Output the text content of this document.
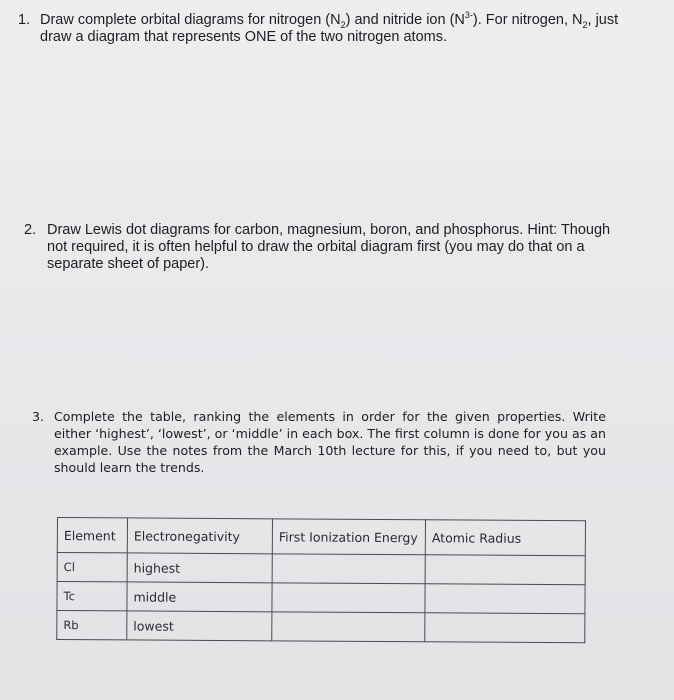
1. Draw complete orbital diagrams for nitrogen $(N_2)$ and nitride ion $(N^{3-})$. For nitrogen, $N_2$, just draw a diagram that represents ONE of the two nitrogen atoms.
2. Draw Lewis dot diagrams for carbon, magnesium, boron, and phosphorus. Hint: Though not required, it is often helpful to draw the orbital diagram first (you may do that on a separate sheet of paper).
3. Complete the table, ranking the elements in order for the given properties. Write either ‘highest’, ‘lowest’, or ‘middle’ in each box. The first column is done for you as an example. Use the notes from the March 10th lecture for this, if you need to, but you should learn the trends.
Element	Electronegativity	First Ionization Energy	Atomic Radius
Cl	highest		
Tc	middle		
Rb	lowest		
